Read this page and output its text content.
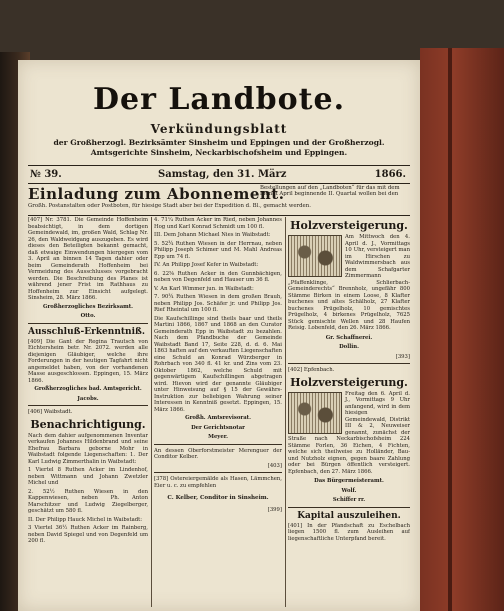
Der Landbote.
Verkündungsblatt
der Großherzogl. Bezirksämter Sinsheim und Eppingen und der Großherzogl. Amtsgerichte Sinsheim, Neckarbischofsheim und Eppingen.
№ 39.	Samstag, den 31. März	1866.
Einladung zum Abonnement.
Bestellungen auf den „Landboten“ für das mit dem Monat April beginnende II. Quartal wollen bei den
Großh. Postanstalten oder Postboten, für hiesige Stadt aber bei der Expedition d. Bl., gemacht werden.

[407] Nr. 3781. Die Gemeinde Hoffenheim beabsichtigt, in dem dortigen Gemeindewald, im, großen Wald, Schlag Nr. 26, den Waldweidgang auszugeben. Es wird dieses den Beteiligten bekannt gemacht, daß etwaige Einwendungen hiergegen vom 3. April an binnen 14 Tagen dahier oder beim Gemeinderath Hoffenheim bei Vermeidung des Ausschlusses vorgebracht werden. Die Beschreibung des Planes ist während jener Frist im Rathhaus zu Hoffenheim zur Einsicht aufgelegt. Sinsheim, 28. März 1866.

Großherzogliches Bezirksamt.

Otto.

Ausschluß-Erkenntniß.

[409] Die Gant der Regina Trautsch von Eichtersheim betr. Nr. 2072. werden alle diejenigen Gläubiger, welche ihre Forderungen in der heutigen Tagfahrt nicht angemeldet haben, von der vorhandenen Masse ausgeschlossen. Eppingen, 15. März 1866.

Großherzogliches bad. Amtsgericht.

Jacobs.

[406] Waibstadt.

Benachrichtigung.

Nach dem dahier aufgenommenen Inventar verkaufen Johannes Hildenbrand und seine Ehefrau Barbara geborne Mohr in Waibstadt folgende Liegenschaften: 1. Der Karl Ludwig Zimmerthalin in Waibstadt:

1 Viertel 8 Ruthen Acker im Lindenhof, neben Wittmann und Johann Zwetzler Michel und

2. 52½ Ruthen Wiesen in den Kappenwiesen, neben Ph. Anton Marschitzer und Ludwig Ziegelberger, geschätzt um 580 fl.

II. Der Philipp Hauck Michel in Waibstadt:

3 Viertel 36½ Ruthen Acker im Rainberg, neben David Spiegel und von Degenfeld um 200 fl.

4. 71¼ Ruthen Acker im Ried, neben Johannes Hog und Karl Konrad Schmidt um 100 fl.

III. Dem Johann Michael Nies in Waibstadt:

5. 52¾ Ruthen Wiesen in der Herrnau, neben Philipp Joseph Schimer und M. Mahl Andreas Epp um 74 fl.

IV. An Philipp Josef Kefer in Waibstadt:

6. 22⅝ Ruthen Acker in den Gunnbächigen, neben von Degenfeld und Hauser um 36 fl.

V. An Karl Wimmer jun. in Waibstadt:

7. 90¾ Ruthen Wiesen in dem großen Brauh, neben Philipp Jos. Schäfer jr. und Philipp Jos. Rief Rheintal um 100 fl.

Die Kaufschillinge sind theils baar und theils Martini 1866, 1867 und 1868 an den Curator Gemeinderath Epp in Waibstadt zu bezahlen. Nach dem Pfandbuche der Gemeinde Waibstadt Band 17, Seite 228, d. d. 6. Mai 1863 haften auf den verkauften Liegenschaften eine Schuld an Konrad Würzberger in Rohrbach von 340 fl. 41 kr. und Zins vom 23. Oktober 1862, welche Schuld mit gegenwärtigem Kaufschillingen abgetragen wird. Hievon wird der genannte Gläubiger unter Hinweisung auf § 15 der Gewährs-Instruktion zur beliebigen Wahrung seiner Interessen in Kenntniß gesetzt. Eppingen, 15. März 1866.

Großh. Amtsrevisorat.

Der Gerichtsnotar

Meyer.

An dessen Oberforstmeister Merenguer der Conditor Kelber.

[403]

[378] Ostereiergemälde als Hasen, Lämmchen, Eier u. c. zu empfehlen

C. Kelber, Conditor in Sinsheim.

[399]

Holzversteigerung.

Am Mittwoch den 4. April d. J., Vormittags 10 Uhr, versteigert man im Hirschen zu Waldwimmersbach aus dem Schafgarter Zimmermann „Pfaffenklinge, Schlierbach-Gemeinderechts“ Brennholz, ungefähr 800 Stämme Birken in einem Loose, 8 Klafter buchenes und altes Schälholz, 27 Klafter buchenes Prügelholz, 10 gemischtes Prügelholz, 4 birkenes Prügelholz, 7625 Stück gemischte Wellen und 28 Haufen Reisig. Lobenfeld, den 26. März 1866.

Gr. Schaffnerei.

Dollin.

[393]

[402] Epfenbach.

Holzversteigerung.

Freitag den 6. April d. J., Vormittags 9 Uhr anfangend, wird in dem hiesigen Gemeindewald, Distrikt III & 2, Neuweiser genannt, zunächst der Straße nach Neckarbischofsheim 224 Stämme Forlen, 36 Eichen, 4 Fichten, welche sich theilweise zu Holländer, Bau- und Nutzholz eignen, gegen baare Zahlung oder bei Bürgen öffentlich versteigert. Epfenbach, den 27. März 1866.

Das Bürgermeisteramt.

Wolf.

Schiffer rr.

Kapital auszuleihen.

[401] In der Pfandschaft zu Eschelbach liegen 1500 fl. zum Ausleihen auf liegenschaftliche Unterpfand bereit.
